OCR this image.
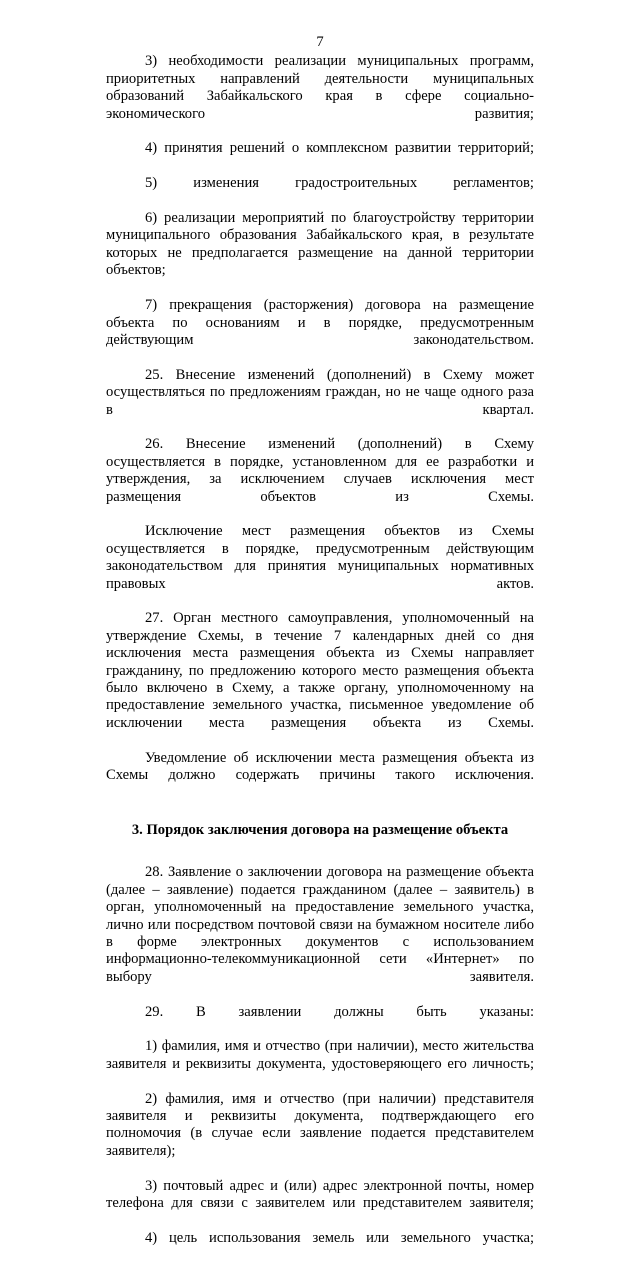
7

3) необходимости реализации муниципальных программ, приоритетных направлений деятельности муниципальных образований Забайкальского края в сфере социально-экономического развития;

4) принятия решений о комплексном развитии территорий;

5) изменения градостроительных регламентов;

6) реализации мероприятий по благоустройству территории муниципального образования Забайкальского края, в результате которых не предполагается размещение на данной территории объектов;

7) прекращения (расторжения) договора на размещение объекта по основаниям и в порядке, предусмотренным действующим законодательством.

25. Внесение изменений (дополнений) в Схему может осуществляться по предложениям граждан, но не чаще одного раза в квартал.

26. Внесение изменений (дополнений) в Схему осуществляется в порядке, установленном для ее разработки и утверждения, за исключением случаев исключения мест размещения объектов из Схемы.

Исключение мест размещения объектов из Схемы осуществляется в порядке, предусмотренным действующим законодательством для принятия муниципальных нормативных правовых актов.

27. Орган местного самоуправления, уполномоченный на утверждение Схемы, в течение 7 календарных дней со дня исключения места размещения объекта из Схемы направляет гражданину, по предложению которого место размещения объекта было включено в Схему, а также органу, уполномоченному на предоставление земельного участка, письменное уведомление об исключении места размещения объекта из Схемы.

Уведомление об исключении места размещения объекта из Схемы должно содержать причины такого исключения.

3. Порядок заключения договора на размещение объекта

28. Заявление о заключении договора на размещение объекта (далее – заявление) подается гражданином (далее – заявитель) в орган, уполномоченный на предоставление земельного участка, лично или посредством почтовой связи на бумажном носителе либо в форме электронных документов с использованием информационно-телекоммуникационной сети «Интернет» по выбору заявителя.

29. В заявлении должны быть указаны:

1) фамилия, имя и отчество (при наличии), место жительства заявителя и реквизиты документа, удостоверяющего его личность;

2) фамилия, имя и отчество (при наличии) представителя заявителя и реквизиты документа, подтверждающего его полномочия (в случае если заявление подается представителем заявителя);

3) почтовый адрес и (или) адрес электронной почты, номер телефона для связи с заявителем или представителем заявителя;

4) цель использования земель или земельного участка;
